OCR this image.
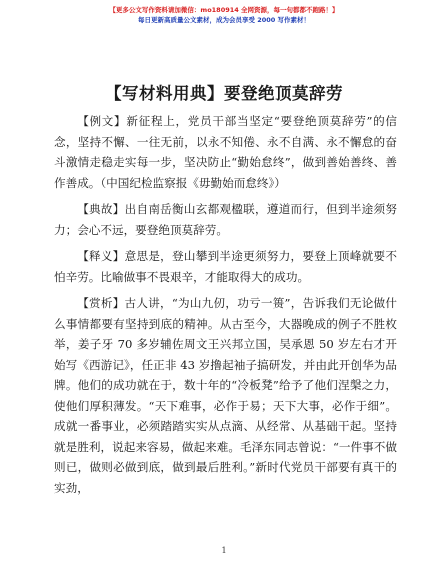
【更多公文写作资料请加微信：mo180914 全网资源，每一句都都不跑路！】
每日更新高质量公文素材，成为会员享受 2000 写作素材！
【写材料用典】要登绝顶莫辞劳

【例文】新征程上，党员干部当坚定“要登绝顶莫辞劳”的信念，坚持不懈、一往无前，以永不知倦、永不自满、永不懈怠的奋斗激情走稳走实每一步，坚决防止“勤始怠终”，做到善始善终、善作善成。（中国纪检监察报《毋勤始而怠终》）

【典故】出自南岳衡山玄都观楹联，遵道而行，但到半途须努力；会心不远，要登绝顶莫辞劳。

【释义】意思是，登山攀到半途更须努力，要登上顶峰就要不怕辛劳。比喻做事不畏艰辛，才能取得大的成功。

【赏析】古人讲，“为山九仞，功亏一篑”，告诉我们无论做什么事情都要有坚持到底的精神。从古至今，大器晚成的例子不胜枚举，姜子牙 70 多岁辅佐周文王兴邦立国，吴承恩 50 岁左右才开始写《西游记》，任正非 43 岁撸起袖子搞研发，并由此开创华为品牌。他们的成功就在于，数十年的“冷板凳”给予了他们涅槃之力，使他们厚积薄发。“天下难事，必作于易；天下大事，必作于细”。成就一番事业，必须踏踏实实从点滴、从经常、从基础干起。坚持就是胜利，说起来容易，做起来难。毛泽东同志曾说：“一件事不做则已，做则必做到底，做到最后胜利。”新时代党员干部要有真干的实劲，

1
